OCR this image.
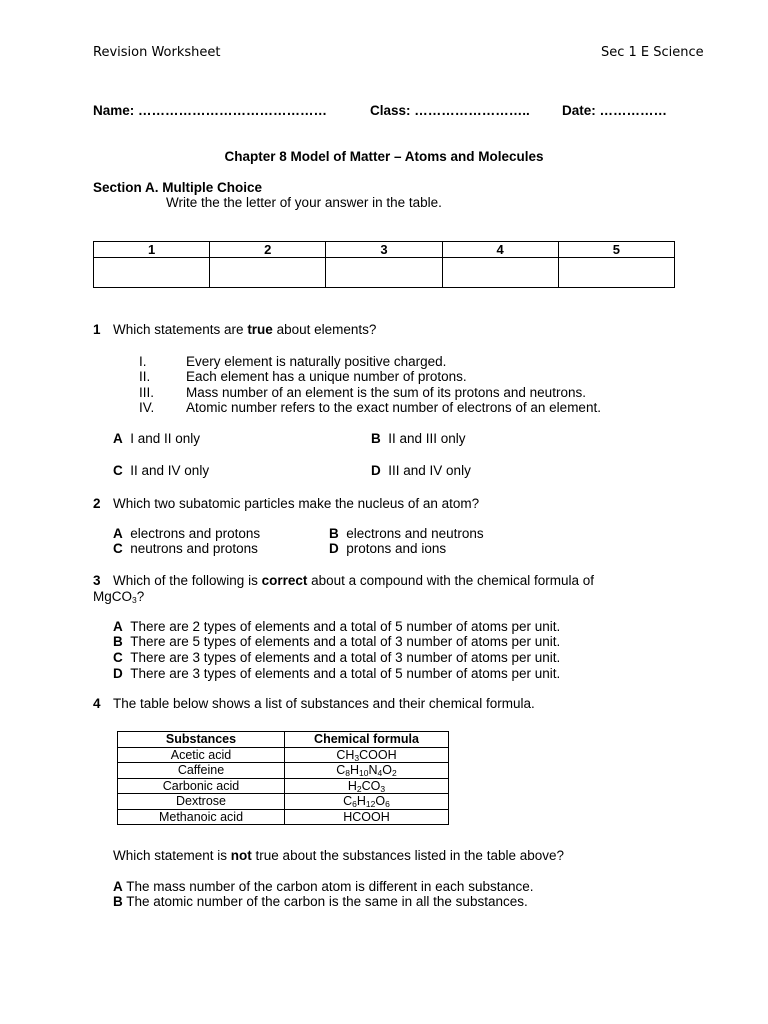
Revision Worksheet	Sec 1 E Science
Name: ……………………………………	Class: …………………….. Date: ……………
Chapter 8 Model of Matter – Atoms and Molecules
Section A. Multiple Choice
Write the the letter of your answer in the table.
1	2	3	4	5

1 Which statements are true about elements?
I.	Every element is naturally positive charged.
II.	Each element has a unique number of protons.
III. Mass number of an element is the sum of its protons and neutrons.
IV. Atomic number refers to the exact number of electrons of an element.
A I and II only	B II and III only
C II and IV only	D III and IV only
2 Which two subatomic particles make the nucleus of an atom?
A electrons and protons	B electrons and neutrons
C neutrons and protons	D protons and ions
3 Which of the following is correct about a compound with the chemical formula of
MgCO$_3$?
A There are 2 types of elements and a total of 5 number of atoms per unit.
B There are 5 types of elements and a total of 3 number of atoms per unit.
C There are 3 types of elements and a total of 3 number of atoms per unit.
D There are 3 types of elements and a total of 5 number of atoms per unit.
4 The table below shows a list of substances and their chemical formula.
Substances	Chemical formula
Acetic acid	$CH_3COOH$
Caffeine	$C_8H_{10}N_4O_2$
Carbonic acid	$H_2CO_3$
Dextrose	$C_6H_{12}O_6$
Methanoic acid	HCOOH
Which statement is not true about the substances listed in the table above?
A The mass number of the carbon atom is different in each substance.
B The atomic number of the carbon is the same in all the substances.
